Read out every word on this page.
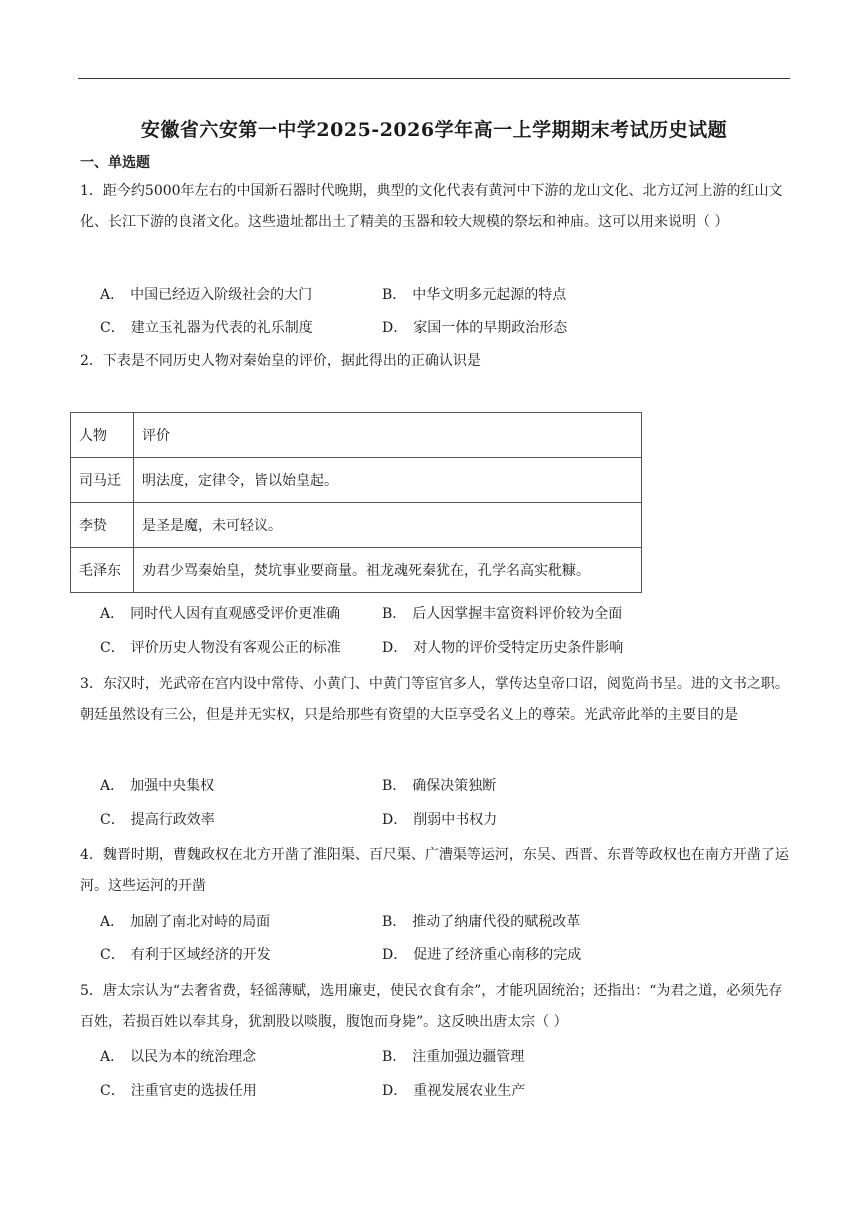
安徽省六安第一中学2025-2026学年高一上学期期末考试历史试题
一、单选题

1．距今约5000年左右的中国新石器时代晚期，典型的文化代表有黄河中下游的龙山文化、北方辽河上游的红山文化、长江下游的良渚文化。这些遗址都出土了精美的玉器和较大规模的祭坛和神庙。这可以用来说明（ ）

A． 中国已经迈入阶级社会的大门	B． 中华文明多元起源的特点
C． 建立玉礼器为代表的礼乐制度	D． 家国一体的早期政治形态

2．下表是不同历史人物对秦始皇的评价，据此得出的正确认识是

人物	评价
司马迁	明法度，定律令，皆以始皇起。
李贽	是圣是魔，未可轻议。
毛泽东	劝君少骂秦始皇，焚坑事业要商量。祖龙魂死秦犹在，孔学名高实秕糠。
A． 同时代人因有直观感受评价更准确	B． 后人因掌握丰富资料评价较为全面
C． 评价历史人物没有客观公正的标准	D． 对人物的评价受特定历史条件影响

3．东汉时，光武帝在宫内设中常侍、小黄门、中黄门等宦官多人，掌传达皇帝口诏，阅览尚书呈。进的文书之职。朝廷虽然设有三公，但是并无实权，只是给那些有资望的大臣享受名义上的尊荣。光武帝此举的主要目的是

A． 加强中央集权	B． 确保决策独断
C． 提高行政效率	D． 削弱中书权力

4．魏晋时期，曹魏政权在北方开凿了淮阳渠、百尺渠、广漕渠等运河，东吴、西晋、东晋等政权也在南方开凿了运河。这些运河的开凿

A． 加剧了南北对峙的局面	B． 推动了纳庸代役的赋税改革
C． 有利于区域经济的开发	D． 促进了经济重心南移的完成

5．唐太宗认为“去奢省费，轻徭薄赋，选用廉吏，使民衣食有余”，才能巩固统治；还指出：“为君之道，必须先存百姓，若损百姓以奉其身，犹割股以啖腹，腹饱而身毙”。这反映出唐太宗（ ）

A． 以民为本的统治理念	B． 注重加强边疆管理
C． 注重官吏的选拔任用	D． 重视发展农业生产
